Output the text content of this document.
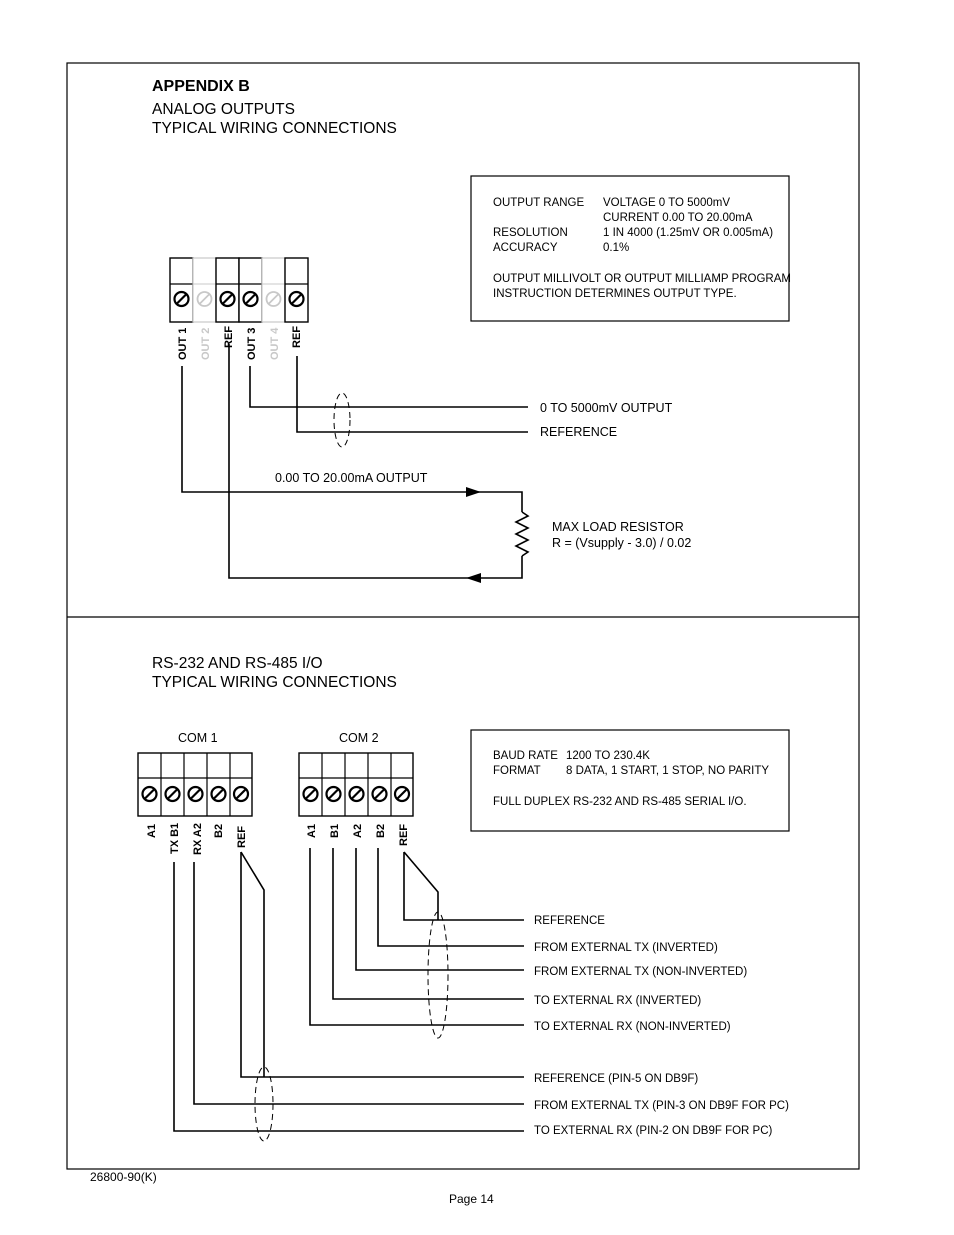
APPENDIX B
ANALOG OUTPUTS
TYPICAL WIRING CONNECTIONS
OUTPUT RANGE VOLTAGE 0 TO 5000mV
CURRENT 0.00 TO 20.00mA
RESOLUTION	1 IN 4000 (1.25mV OR 0.005mA)
ACCURACY	0.1%
OUTPUT MILLIVOLT OR OUTPUT MILLIAMP PROGRAM
INSTRUCTION DETERMINES OUTPUT TYPE.
OUT 1 OUT 2 REF OUT 3 OUT 4 REF
0 TO 5000mV OUTPUT
REFERENCE
0.00 TO 20.00mA OUTPUT
MAX LOAD RESISTOR
R = (Vsupply - 3.0) / 0.02
RS-232 AND RS-485 I/O
TYPICAL WIRING CONNECTIONS
BAUD RATE 1200 TO 230.4K
FORMAT 8 DATA, 1 START, 1 STOP, NO PARITY
FULL DUPLEX RS-232 AND RS-485 SERIAL I/O.
COM 1	COM 2
A1 TX B1 RX A2 B2 REF	A1 B1 A2 B2 REF
REFERENCE
FROM EXTERNAL TX (INVERTED)
FROM EXTERNAL TX (NON-INVERTED)
TO EXTERNAL RX (INVERTED)
TO EXTERNAL RX (NON-INVERTED)
REFERENCE (PIN-5 ON DB9F)
FROM EXTERNAL TX (PIN-3 ON DB9F FOR PC)
TO EXTERNAL RX (PIN-2 ON DB9F FOR PC)
26800-90(K)
Page 14
